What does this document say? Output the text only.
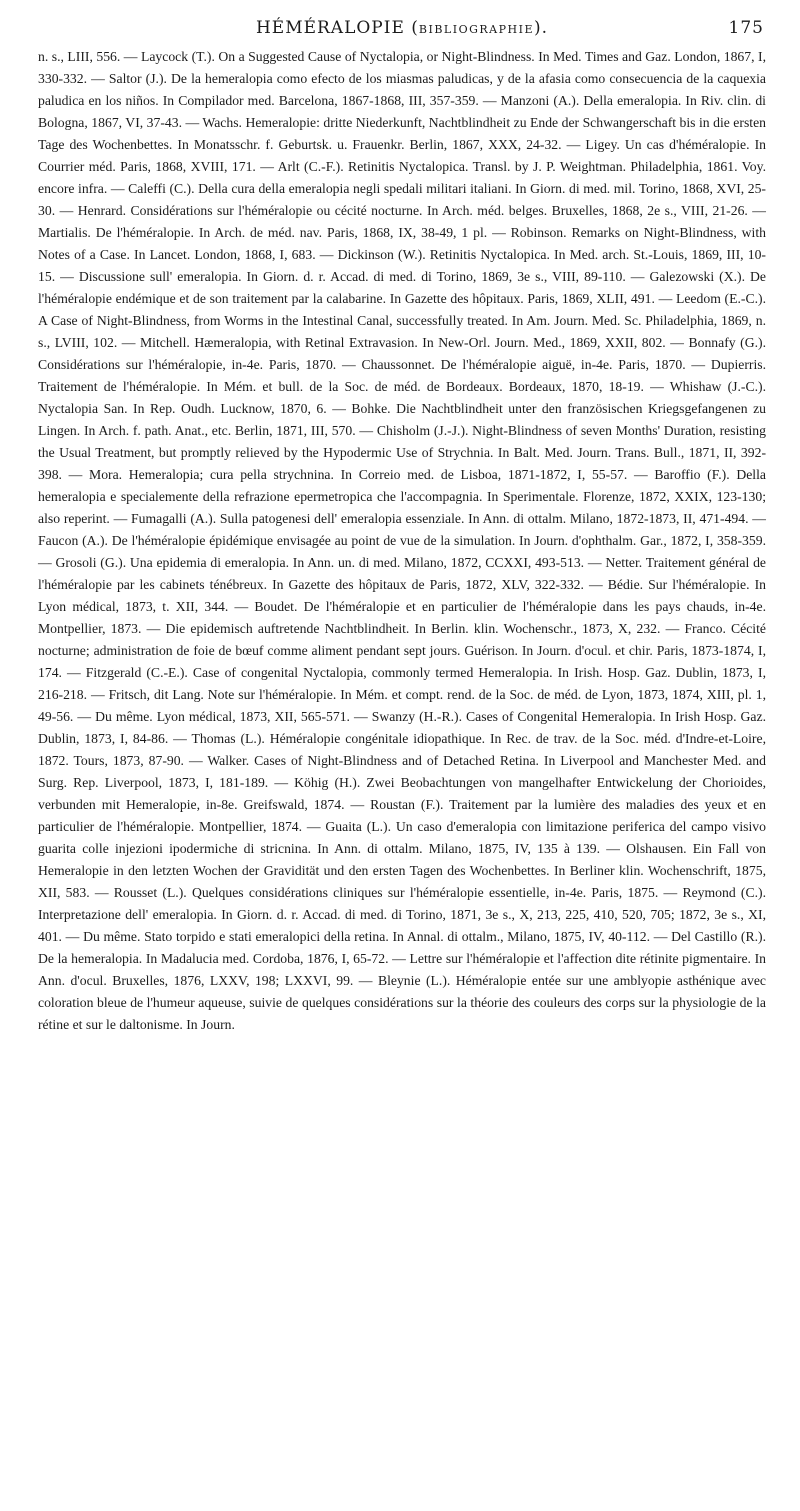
HÉMÉRALOPIE (BIBLIOGRAPHIE).	175

n. s., LIII, 556. — Laycock (T.). On a Suggested Cause of Nyctalopia, or Night-Blindness. In Med. Times and Gaz. London, 1867, I, 330-332. — Saltor (J.). De la hemeralopia como efecto de los miasmas paludicas, y de la afasia como consecuencia de la caquexia paludica en los niños. In Compilador med. Barcelona, 1867-1868, III, 357-359. — Manzoni (A.). Della emeralopia. In Riv. clin. di Bologna, 1867, VI, 37-43. — Wachs. Hemeralopie: dritte Niederkunft, Nachtblindheit zu Ende der Schwangerschaft bis in die ersten Tage des Wochenbettes. In Monatsschr. f. Geburtsk. u. Frauenkr. Berlin, 1867, XXX, 24-32. — Ligey. Un cas d'héméralopie. In Courrier méd. Paris, 1868, XVIII, 171. — Arlt (C.-F.). Retinitis Nyctalopica. Transl. by J. P. Weightman. Philadelphia, 1861. Voy. encore infra. — Caleffi (C.). Della cura della emeralopia negli spedali militari italiani. In Giorn. di med. mil. Torino, 1868, XVI, 25-30. — Henrard. Considérations sur l'héméralopie ou cécité nocturne. In Arch. méd. belges. Bruxelles, 1868, 2e s., VIII, 21-26. — Martialis. De l'héméralopie. In Arch. de méd. nav. Paris, 1868, IX, 38-49, 1 pl. — Robinson. Remarks on Night-Blindness, with Notes of a Case. In Lancet. London, 1868, I, 683. — Dickinson (W.). Retinitis Nyctalopica. In Med. arch. St.-Louis, 1869, III, 10-15. — Discussione sull' emeralopia. In Giorn. d. r. Accad. di med. di Torino, 1869, 3e s., VIII, 89-110. — Galezowski (X.). De l'héméralopie endémique et de son traitement par la calabarine. In Gazette des hôpitaux. Paris, 1869, XLII, 491. — Leedom (E.-C.). A Case of Night-Blindness, from Worms in the Intestinal Canal, successfully treated. In Am. Journ. Med. Sc. Philadelphia, 1869, n. s., LVIII, 102. — Mitchell. Hæmeralopia, with Retinal Extravasion. In New-Orl. Journ. Med., 1869, XXII, 802. — Bonnafy (G.). Considérations sur l'héméralopie, in-4e. Paris, 1870. — Chaussonnet. De l'héméralopie aiguë, in-4e. Paris, 1870. — Dupierris. Traitement de l'héméralopie. In Mém. et bull. de la Soc. de méd. de Bordeaux. Bordeaux, 1870, 18-19. — Whishaw (J.-C.). Nyctalopia San. In Rep. Oudh. Lucknow, 1870, 6. — Bohke. Die Nachtblindheit unter den französischen Kriegsgefangenen zu Lingen. In Arch. f. path. Anat., etc. Berlin, 1871, III, 570. — Chisholm (J.-J.). Night-Blindness of seven Months' Duration, resisting the Usual Treatment, but promptly relieved by the Hypodermic Use of Strychnia. In Balt. Med. Journ. Trans. Bull., 1871, II, 392-398. — Mora. Hemeralopia; cura pella strychnina. In Correio med. de Lisboa, 1871-1872, I, 55-57. — Baroffio (F.). Della hemeralopia e specialemente della refrazione epermetropica che l'accompagnia. In Sperimentale. Florenze, 1872, XXIX, 123-130; also reperint. — Fumagalli (A.). Sulla patogenesi dell' emeralopia essenziale. In Ann. di ottalm. Milano, 1872-1873, II, 471-494. — Faucon (A.). De l'héméralopie épidémique envisagée au point de vue de la simulation. In Journ. d'ophthalm. Gar., 1872, I, 358-359. — Grosoli (G.). Una epidemia di emeralopia. In Ann. un. di med. Milano, 1872, CCXXI, 493-513. — Netter. Traitement général de l'héméralopie par les cabinets ténébreux. In Gazette des hôpitaux de Paris, 1872, XLV, 322-332. — Bédie. Sur l'héméralopie. In Lyon médical, 1873, t. XII, 344. — Boudet. De l'héméralopie et en particulier de l'héméralopie dans les pays chauds, in-4e. Montpellier, 1873. — Die epidemisch auftretende Nachtblindheit. In Berlin. klin. Wochenschr., 1873, X, 232. — Franco. Cécité nocturne; administration de foie de bœuf comme aliment pendant sept jours. Guérison. In Journ. d'ocul. et chir. Paris, 1873-1874, I, 174. — Fitzgerald (C.-E.). Case of congenital Nyctalopia, commonly termed Hemeralopia. In Irish. Hosp. Gaz. Dublin, 1873, I, 216-218. — Fritsch, dit Lang. Note sur l'héméralopie. In Mém. et compt. rend. de la Soc. de méd. de Lyon, 1873, 1874, XIII, pl. 1, 49-56. — Du même. Lyon médical, 1873, XII, 565-571. — Swanzy (H.-R.). Cases of Congenital Hemeralopia. In Irish Hosp. Gaz. Dublin, 1873, I, 84-86. — Thomas (L.). Héméralopie congénitale idiopathique. In Rec. de trav. de la Soc. méd. d'Indre-et-Loire, 1872. Tours, 1873, 87-90. — Walker. Cases of Night-Blindness and of Detached Retina. In Liverpool and Manchester Med. and Surg. Rep. Liverpool, 1873, I, 181-189. — Köhig (H.). Zwei Beobachtungen von mangelhafter Entwickelung der Chorioides, verbunden mit Hemeralopie, in-8e. Greifswald, 1874. — Roustan (F.). Traitement par la lumière des maladies des yeux et en particulier de l'héméralopie. Montpellier, 1874. — Guaita (L.). Un caso d'emeralopia con limitazione periferica del campo visivo guarita colle injezioni ipodermiche di stricnina. In Ann. di ottalm. Milano, 1875, IV, 135 à 139. — Olshausen. Ein Fall von Hemeralopie in den letzten Wochen der Gravidität und den ersten Tagen des Wochenbettes. In Berliner klin. Wochenschrift, 1875, XII, 583. — Rousset (L.). Quelques considérations cliniques sur l'héméralopie essentielle, in-4e. Paris, 1875. — Reymond (C.). Interpretazione dell' emeralopia. In Giorn. d. r. Accad. di med. di Torino, 1871, 3e s., X, 213, 225, 410, 520, 705; 1872, 3e s., XI, 401. — Du même. Stato torpido e stati emeralopici della retina. In Annal. di ottalm., Milano, 1875, IV, 40-112. — Del Castillo (R.). De la hemeralopia. In Madalucia med. Cordoba, 1876, I, 65-72. — Lettre sur l'héméralopie et l'affection dite rétinite pigmentaire. In Ann. d'ocul. Bruxelles, 1876, LXXV, 198; LXXVI, 99. — Bleynie (L.). Héméralopie entée sur une amblyopie asthénique avec coloration bleue de l'humeur aqueuse, suivie de quelques considérations sur la théorie des couleurs des corps sur la physiologie de la rétine et sur le daltonisme. In Journ.
